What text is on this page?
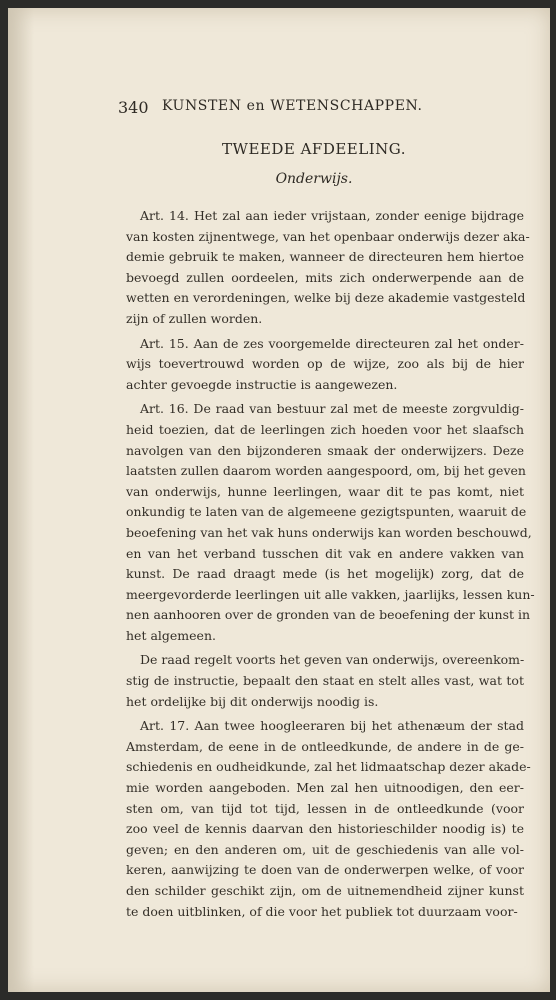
340 KUNSTEN en WETENSCHAPPEN.
TWEEDE AFDEELING.
Onderwijs.
Art. 14. Het zal aan ieder vrijstaan, zonder eenige bijdrage
van kosten zijnentwege, van het openbaar onderwijs dezer aka-
demie gebruik te maken, wanneer de directeuren hem hiertoe
bevoegd zullen oordeelen, mits zich onderwerpende aan de
wetten en verordeningen, welke bij deze akademie vastgesteld
zijn of zullen worden.
Art. 15. Aan de zes voorgemelde directeuren zal het onder-
wijs toevertrouwd worden op de wijze, zoo als bij de hier
achter gevoegde instructie is aangewezen.
Art. 16. De raad van bestuur zal met de meeste zorgvuldig-
heid toezien, dat de leerlingen zich hoeden voor het slaafsch
navolgen van den bijzonderen smaak der onderwijzers. Deze
laatsten zullen daarom worden aangespoord, om, bij het geven
van onderwijs, hunne leerlingen, waar dit te pas komt, niet
onkundig te laten van de algemeene gezigtspunten, waaruit de
beoefening van het vak huns onderwijs kan worden beschouwd,
en van het verband tusschen dit vak en andere vakken van
kunst. De raad draagt mede (is het mogelijk) zorg, dat de
meergevorderde leerlingen uit alle vakken, jaarlijks, lessen kun-
nen aanhooren over de gronden van de beoefening der kunst in
het algemeen.
De raad regelt voorts het geven van onderwijs, overeenkom-
stig de instructie, bepaalt den staat en stelt alles vast, wat tot
het ordelijke bij dit onderwijs noodig is.
Art. 17. Aan twee hoogleeraren bij het athenæum der stad
Amsterdam, de eene in de ontleedkunde, de andere in de ge-
schiedenis en oudheidkunde, zal het lidmaatschap dezer akade-
mie worden aangeboden. Men zal hen uitnoodigen, den eer-
sten om, van tijd tot tijd, lessen in de ontleedkunde (voor
zoo veel de kennis daarvan den historieschilder noodig is) te
geven; en den anderen om, uit de geschiedenis van alle vol-
keren, aanwijzing te doen van de onderwerpen welke, of voor
den schilder geschikt zijn, om de uitnemendheid zijner kunst
te doen uitblinken, of die voor het publiek tot duurzaam voor-
